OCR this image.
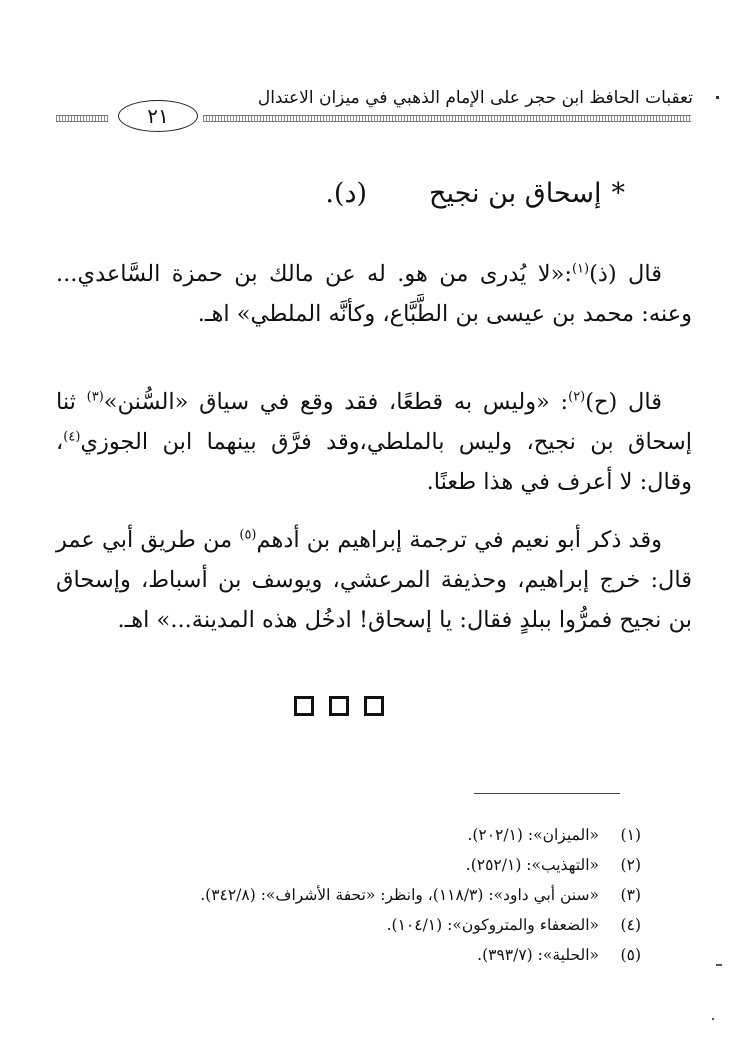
تعقبات الحافظ ابن حجر على الإمام الذهبي في ميزان الاعتدال
٢١
*إسحاق بن نجيح(د).
قال (ذ)$^{(١)}$:«لا يُدرى من هو. له عن مالك بن حمزة السَّاعدي... وعنه: محمد بن عيسى بن الطَّبَّاع، وكأنَّه الملطي» اهـ.
قال (ح)$^{(٢)}$: «وليس به قطعًا، فقد وقع في سياق «السُّنن»$^{(٣)}$ ثنا إسحاق بن نجيح، وليس بالملطي،وقد فرَّق بينهما ابن الجوزي$^{(٤)}$، وقال: لا أعرف في هذا طعنًا.
وقد ذكر أبو نعيم في ترجمة إبراهيم بن أدهم$^{(٥)}$ من طريق أبي عمر قال: خرج إبراهيم، وحذيفة المرعشي، ويوسف بن أسباط، وإسحاق بن نجيح فمرُّوا ببلدٍ فقال: يا إسحاق! ادخُل هذه المدينة...» اهـ.
(١)«الميزان»: (٢٠٢/١).
(٢)«التهذيب»: (٢٥٢/١).
(٣)«سنن أبي داود»: (١١٨/٣)، وانظر: «تحفة الأشراف»: (٣٤٢/٨).
(٤)«الضعفاء والمتروكون»: (١٠٤/١).
(٥)«الحلية»: (٣٩٣/٧).
